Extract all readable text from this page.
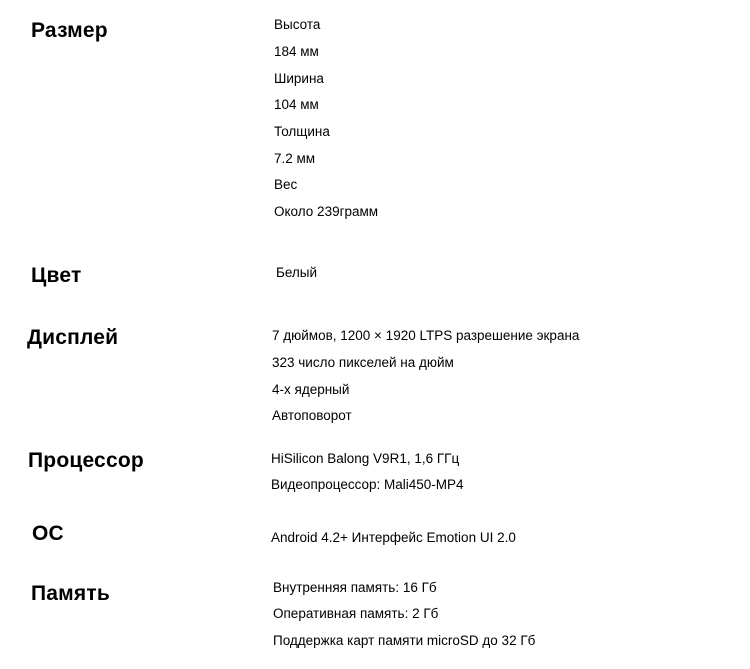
Размер	Высота
184 мм
Ширина
104 мм
Толщина
7.2 мм
Вес
Около 239грамм
Цвет	Белый
Дисплей	7 дюймов, 1200 × 1920 LTPS разрешение экрана
323 число пикселей на дюйм
4-х ядерный
Автоповорот
Процессор	HiSilicon Balong V9R1, 1,6 ГГц
Видеопроцессор: Mali450-MP4
ОС	Android 4.2+ Интерфейс Emotion UI 2.0
Память	Внутренняя память: 16 Гб
Оперативная память: 2 Гб
Поддержка карт памяти microSD до 32 Гб
